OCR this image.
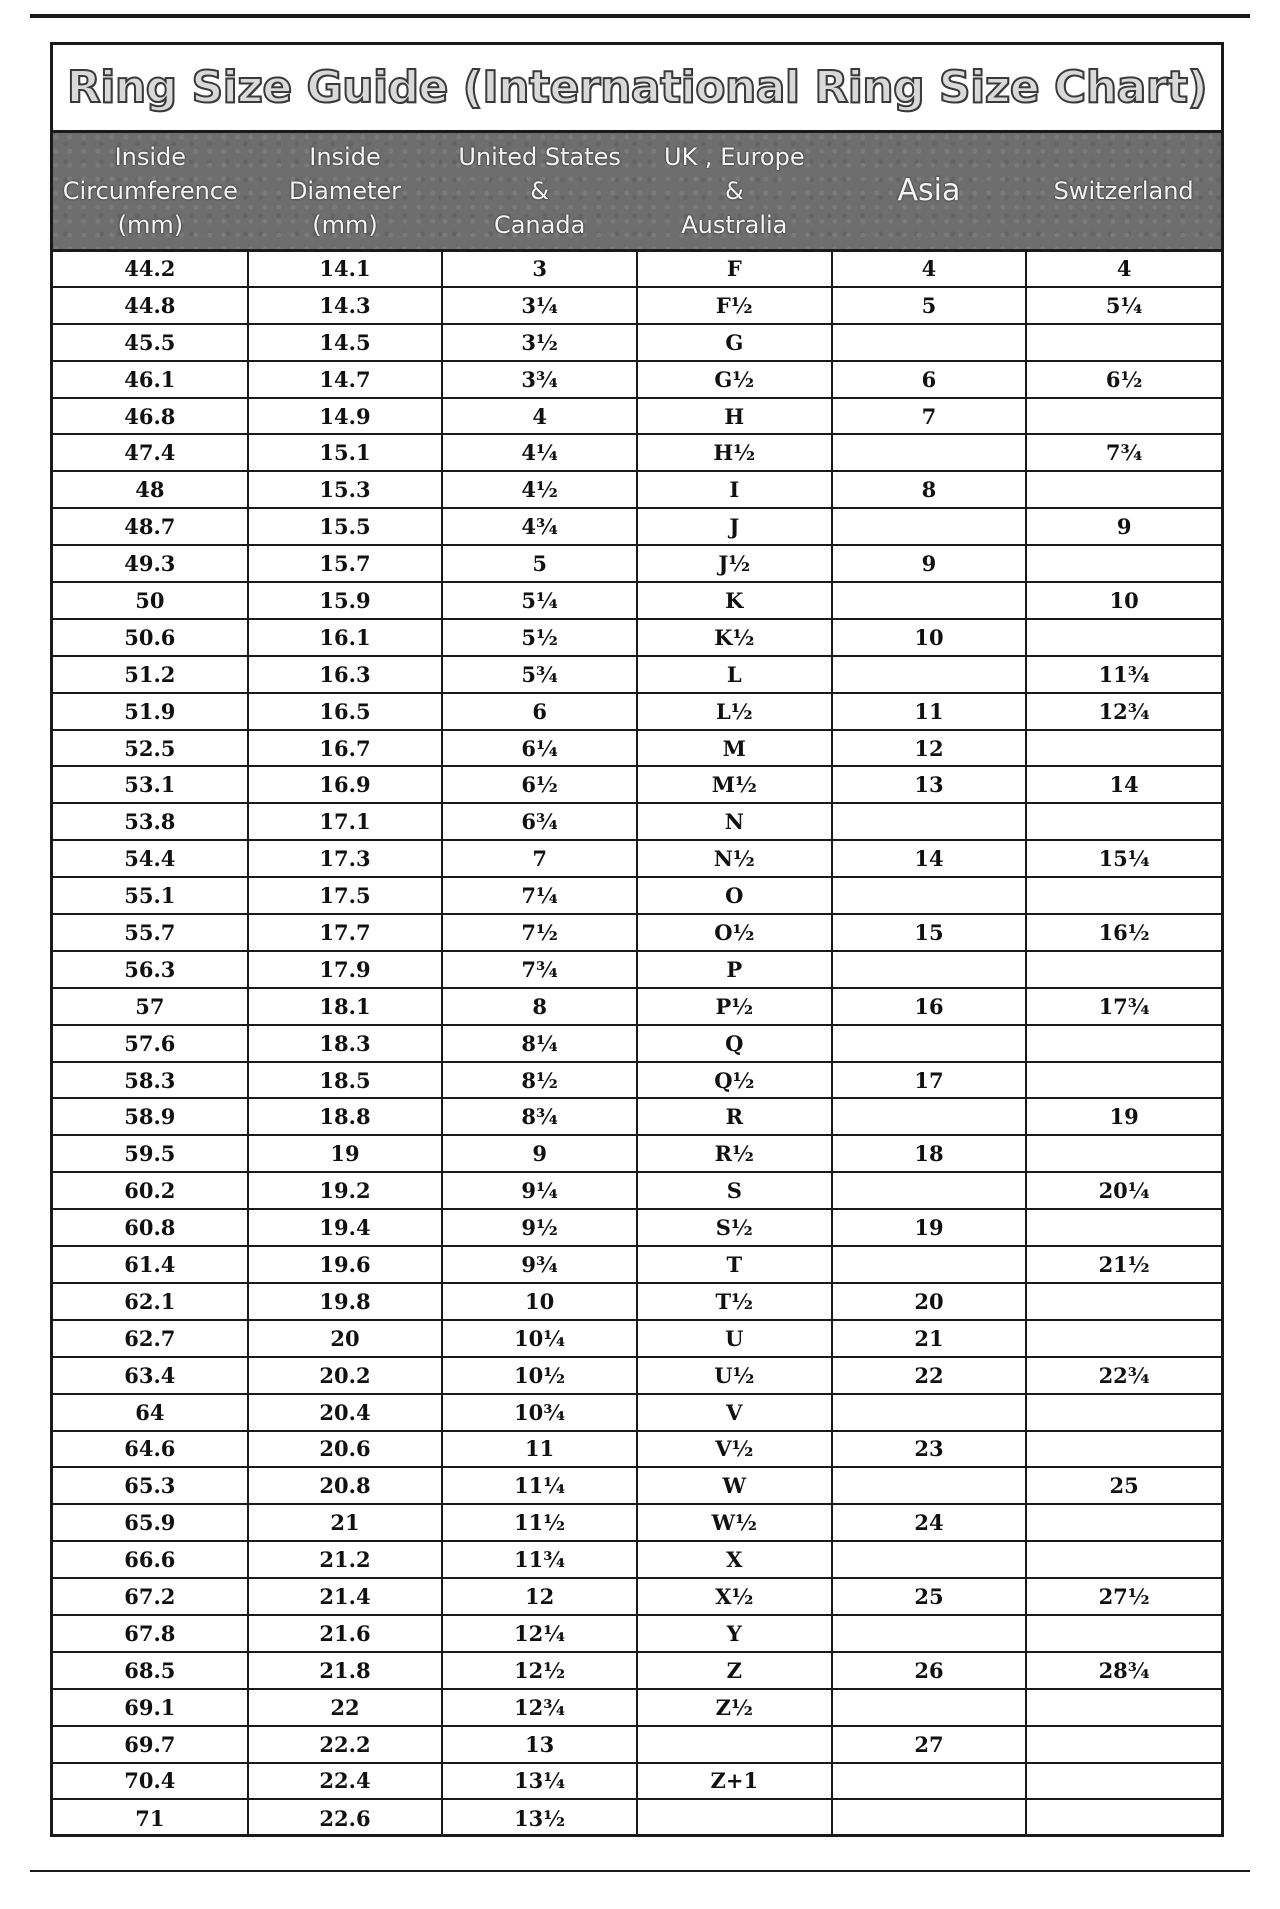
Ring Size Guide (International Ring Size Chart)
Inside
Circumference
(mm)	Inside
Diameter
(mm)	United States
&
Canada	UK , Europe
&
Australia	Asia	Switzerland
44.2	14.1	3	F	4	4
44.8	14.3	3¼	F½	5	5¼
45.5	14.5	3½	G		
46.1	14.7	3¾	G½	6	6½
46.8	14.9	4	H	7	
47.4	15.1	4¼	H½		7¾
48	15.3	4½	I	8	
48.7	15.5	4¾	J		9
49.3	15.7	5	J½	9	
50	15.9	5¼	K		10
50.6	16.1	5½	K½	10	
51.2	16.3	5¾	L		11¾
51.9	16.5	6	L½	11	12¾
52.5	16.7	6¼	M	12	
53.1	16.9	6½	M½	13	14
53.8	17.1	6¾	N		
54.4	17.3	7	N½	14	15¼
55.1	17.5	7¼	O		
55.7	17.7	7½	O½	15	16½
56.3	17.9	7¾	P		
57	18.1	8	P½	16	17¾
57.6	18.3	8¼	Q		
58.3	18.5	8½	Q½	17	
58.9	18.8	8¾	R		19
59.5	19	9	R½	18	
60.2	19.2	9¼	S		20¼
60.8	19.4	9½	S½	19	
61.4	19.6	9¾	T		21½
62.1	19.8	10	T½	20	
62.7	20	10¼	U	21	
63.4	20.2	10½	U½	22	22¾
64	20.4	10¾	V		
64.6	20.6	11	V½	23	
65.3	20.8	11¼	W		25
65.9	21	11½	W½	24	
66.6	21.2	11¾	X		
67.2	21.4	12	X½	25	27½
67.8	21.6	12¼	Y		
68.5	21.8	12½	Z	26	28¾
69.1	22	12¾	Z½		
69.7	22.2	13		27	
70.4	22.4	13¼	Z+1		
71	22.6	13½			
